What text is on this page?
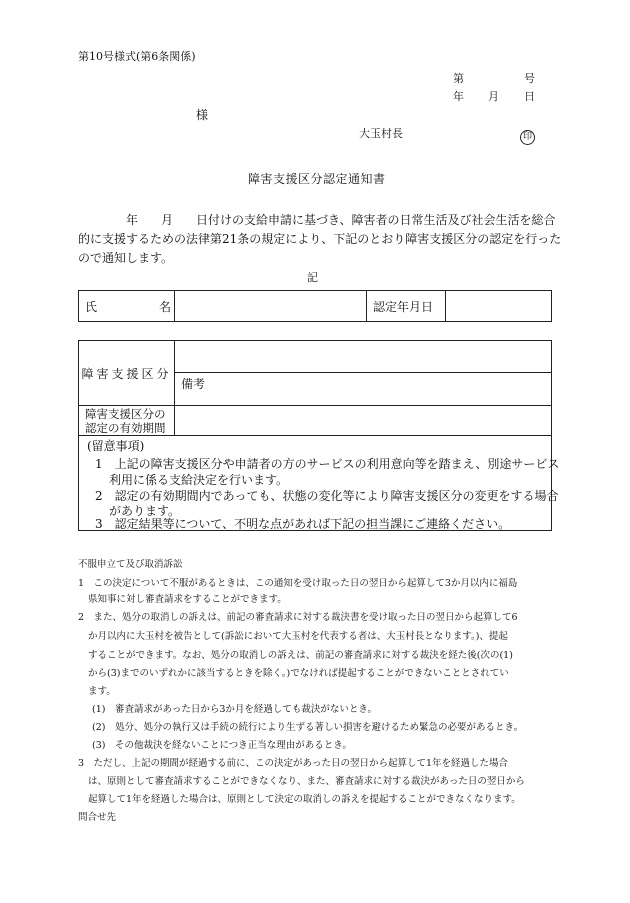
第10号様式(第6条関係)
第	号
年 月 日
様
大玉村長	印
障害支援区分認定通知書
年 月 日付けの支給申請に基づき、障害者の日常生活及び社会生活を総合
的に支援するための法律第21条の規定により、下記のとおり障害支援区分の認定を行った
ので通知します。
記
氏	名		認定年月日	
障害支援区分	
	備考

障害支援区分の
認定の有効期間	

(留意事項)
1　上記の障害支援区分や申請者の方のサービスの利用意向等を踏まえ、別途サービス
利用に係る支給決定を行います。
2　認定の有効期間内であっても、状態の変化等により障害支援区分の変更をする場合
があります。
3　認定結果等について、不明な点があれば下記の担当課にご連絡ください。
不服申立て及び取消訴訟
1　この決定について不服があるときは、この通知を受け取った日の翌日から起算して3か月以内に福島
県知事に対し審査請求をすることができます。
2　また、処分の取消しの訴えは、前記の審査請求に対する裁決書を受け取った日の翌日から起算して6
か月以内に大玉村を被告として(訴訟において大玉村を代表する者は、大玉村長となります。)、提起
することができます。なお、処分の取消しの訴えは、前記の審査請求に対する裁決を経た後(次の(1)
から(3)までのいずれかに該当するときを除く。)でなければ提起することができないこととされてい
ます。
(1)　審査請求があった日から3か月を経過しても裁決がないとき。
(2)　処分、処分の執行又は手続の続行により生ずる著しい損害を避けるため緊急の必要があるとき。
(3)　その他裁決を経ないことにつき正当な理由があるとき。
3　ただし、上記の期間が経過する前に、この決定があった日の翌日から起算して1年を経過した場合
は、原則として審査請求することができなくなり、また、審査請求に対する裁決があった日の翌日から
起算して1年を経過した場合は、原則として決定の取消しの訴えを提起することができなくなります。
問合せ先
